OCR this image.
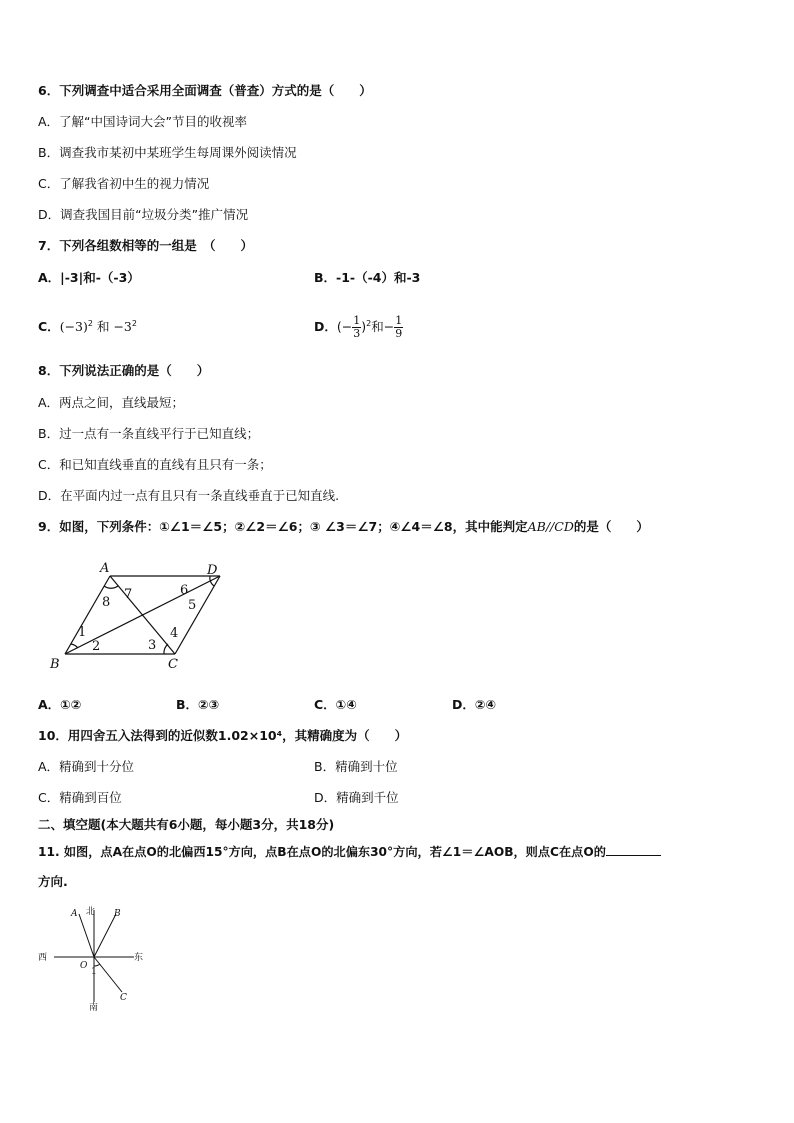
6．下列调查中适合采用全面调查（普查）方式的是（　　）
A．了解“中国诗词大会”节目的收视率
B．调查我市某初中某班学生每周课外阅读情况
C．了解我省初中生的视力情况
D．调查我国目前“垃圾分类”推广情况
7．下列各组数相等的一组是　（　　）
A．|-3|和-（-3）	B．-1-（-4）和-3
C．$(-3)^2$ 和 $-3^2$	D．(− $\frac{1}{3} )^2$和− $\frac{1}{9}$
8．下列说法正确的是（　　）
A．两点之间，直线最短；
B．过一点有一条直线平行于已知直线；
C．和已知直线垂直的直线有且只有一条；
D．在平面内过一点有且只有一条直线垂直于已知直线.
9．如图，下列条件：①∠1＝∠5；②∠2＝∠6；③ ∠3＝∠7；④∠4＝∠8，其中能判定AB//CD的是（　　）
A	D
B	C
1
2	3
4
5
6
7
8
A．①②	B．②③	C．①④	D．②④
10．用四舍五入法得到的近似数1.02×10⁴，其精确度为（　　）
A．精确到十分位	B．精确到十位
C．精确到百位	D．精确到千位
二、填空题(本大题共有6小题，每小题3分，共18分)
11. 如图，点A在点O的北偏西15°方向，点B在点O的北偏东30°方向，若∠1＝∠AOB，则点C在点O的
方向.
北
南
西	东
O
A	B
C
1
